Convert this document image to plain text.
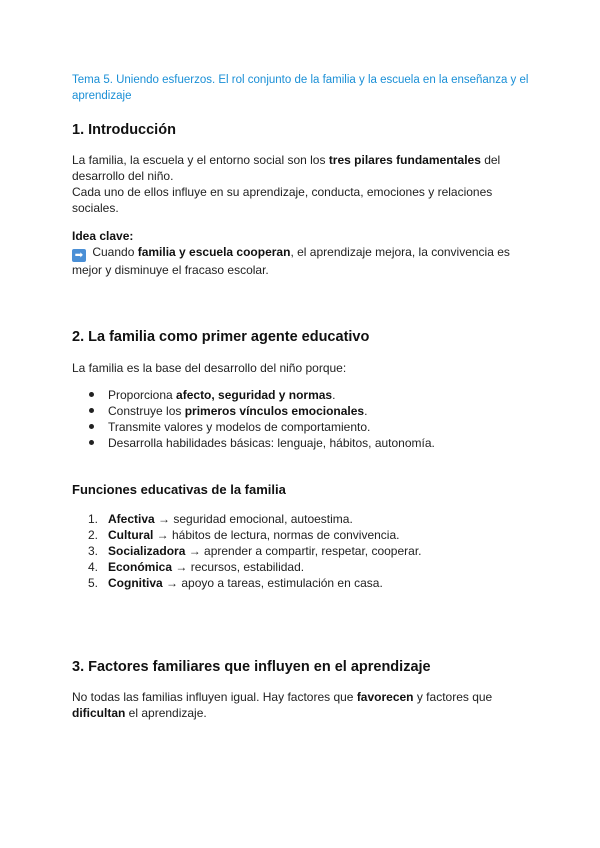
Tema 5. Uniendo esfuerzos. El rol conjunto de la familia y la escuela en la enseñanza y el aprendizaje
1. Introducción

La familia, la escuela y el entorno social son los tres pilares fundamentales del desarrollo del niño.

Cada uno de ellos influye en su aprendizaje, conducta, emociones y relaciones sociales.

Idea clave:
➡ Cuando familia y escuela cooperan, el aprendizaje mejora, la convivencia es mejor y disminuye el fracaso escolar.

2. La familia como primer agente educativo

La familia es la base del desarrollo del niño porque:

Proporciona afecto, seguridad y normas.
Construye los primeros vínculos emocionales.
Transmite valores y modelos de comportamiento.
Desarrolla habilidades básicas: lenguaje, hábitos, autonomía.
Funciones educativas de la familia
1. Afectiva → seguridad emocional, autoestima.
2. Cultural → hábitos de lectura, normas de convivencia.
3. Socializadora → aprender a compartir, respetar, cooperar.
4. Económica → recursos, estabilidad.
5. Cognitiva → apoyo a tareas, estimulación en casa.
3. Factores familiares que influyen en el aprendizaje

No todas las familias influyen igual. Hay factores que favorecen y factores que dificultan el aprendizaje.
